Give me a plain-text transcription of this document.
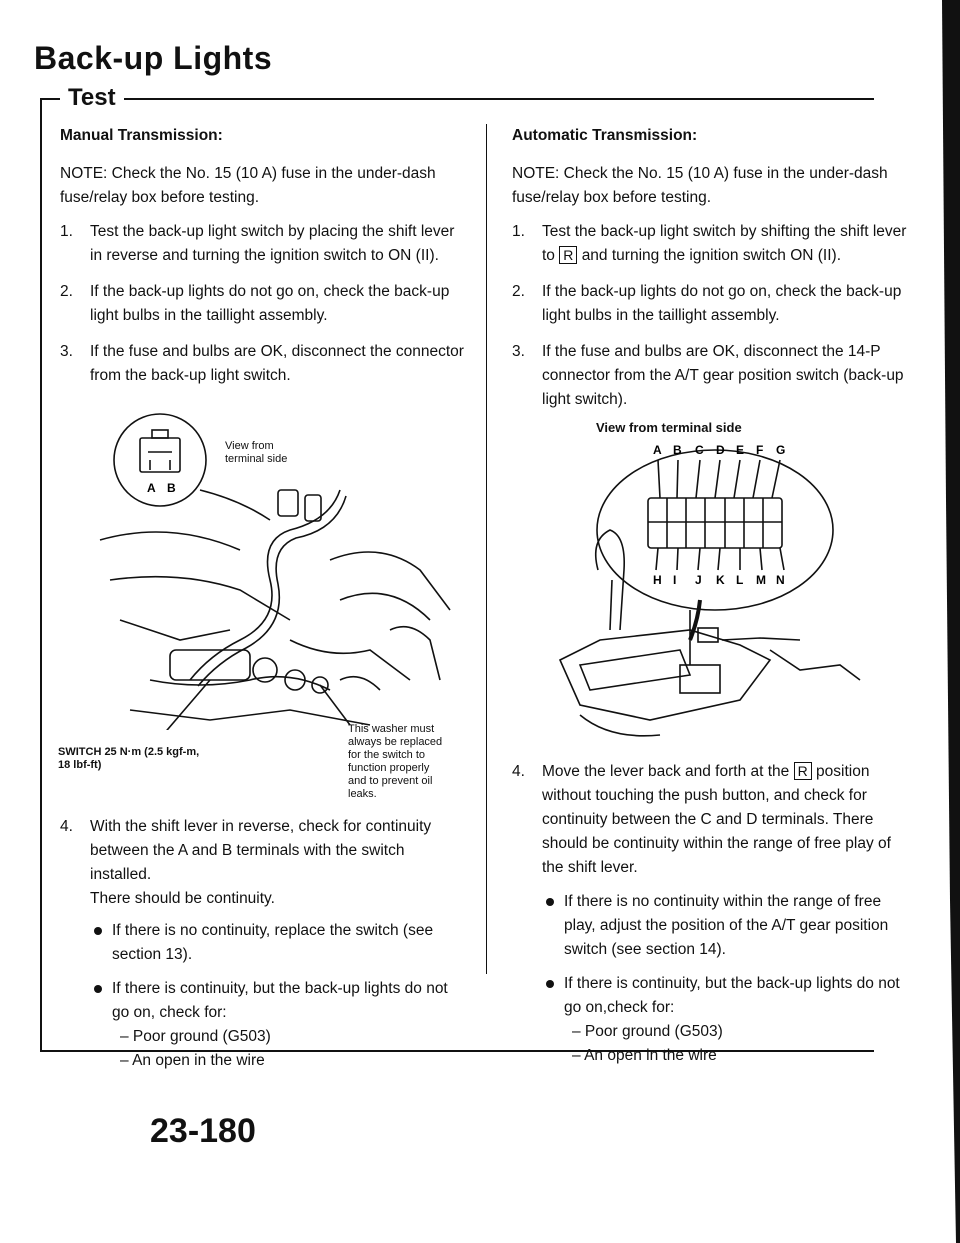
Back-up Lights
Test

Manual Transmission:

NOTE: Check the No. 15 (10 A) fuse in the under-dash fuse/relay box before testing.

1. Test the back-up light switch by placing the shift lever in reverse and turning the ignition switch to ON (II).
2. If the back-up lights do not go on, check the back-up light bulbs in the taillight assembly.
3. If the fuse and bulbs are OK, disconnect the connector from the back-up light switch.
A B
View from
terminal side
SWITCH 25 N·m (2.5 kgf-m,
18 lbf-ft)
This washer must
always be replaced
for the switch to
function properly
and to prevent oil
leaks.
4. With the shift lever in reverse, check for continuity between the A and B terminals with the switch installed.
There should be continuity.
If there is no continuity, replace the switch (see section 13).
If there is continuity, but the back-up lights do not go on, check for:
– Poor ground (G503)
– An open in the wire

Automatic Transmission:

NOTE: Check the No. 15 (10 A) fuse in the under-dash fuse/relay box before testing.

1. Test the back-up light switch by shifting the shift lever to R and turning the ignition switch ON (II).
2. If the back-up lights do not go on, check the back-up light bulbs in the taillight assembly.
3. If the fuse and bulbs are OK, disconnect the 14-P connector from the A/T gear position switch (back-up light switch).
View from terminal side
A B C D E F G
H I J K L M N
4. Move the lever back and forth at the R position without touching the push button, and check for continuity between the C and D terminals. There should be continuity within the range of free play of the shift lever.
If there is no continuity within the range of free play, adjust the position of the A/T gear position switch (see section 14).
If there is continuity, but the back-up lights do not go on,check for:
– Poor ground (G503)
– An open in the wire
23-180
